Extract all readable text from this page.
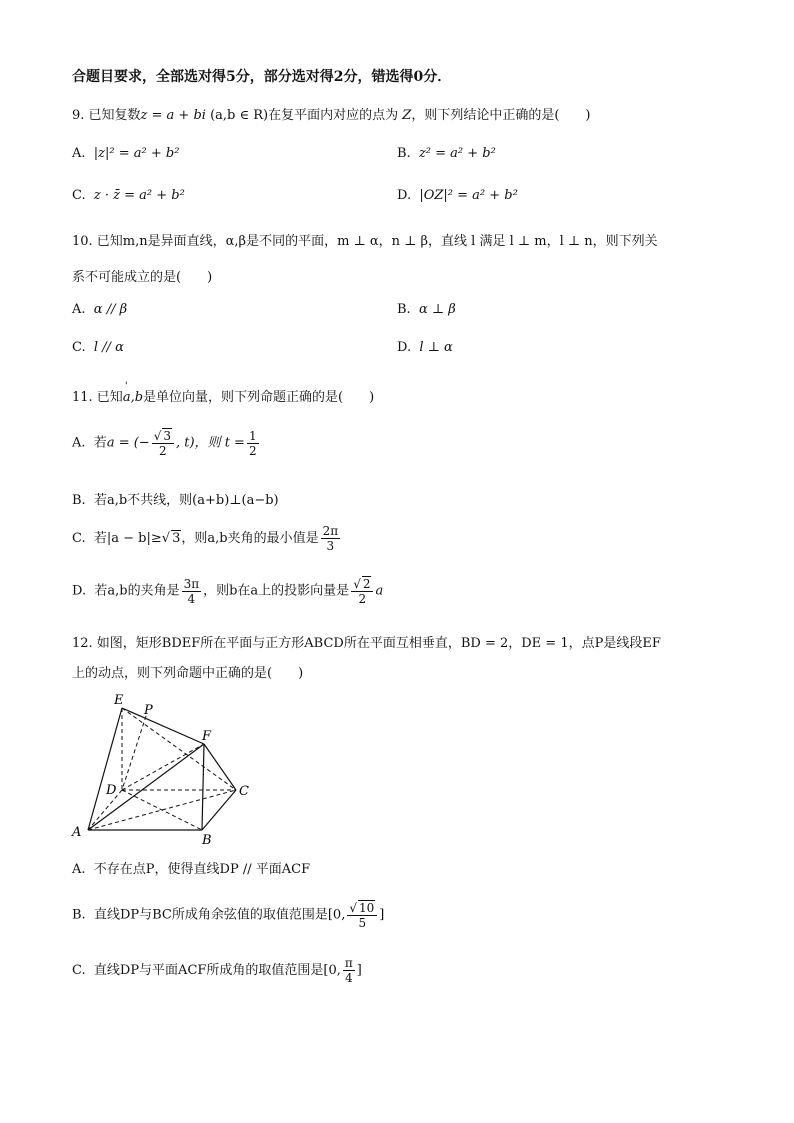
合题目要求，全部选对得5分，部分选对得2分，错选得0分．
9. 已知复数z = a + bi (a,b ∈ R)在复平面内对应的点为 Z，则下列结论中正确的是(　　)
A. |z|² = a² + b²	B. z² = a² + b²
C. z · z̄ = a² + b²	D. |OZ|² = a² + b²
10. 已知m,n是异面直线，α,β是不同的平面，m ⊥ α，n ⊥ β，直线 l 满足 l ⊥ m，l ⊥ n，则下列关
系不可能成立的是(　　)
A. α // β	B. α ⊥ β
C. l // α	D. l ⊥ α
11. 已知' a,b是单位向量，则下列命题正确的是(　　)
A. 若a = (− $\frac{√ 3}{2}$ , t)，则 $t = \frac{1}{2}$
B. 若a,b不共线，则(a+b)⊥(a−b)
C. 若|a − b|≥√ 3，则a,b夹角的最小值是 $\frac{2\pi}{3}$
D. 若a,b的夹角是 $\frac{3\pi}{4}$ ，则b在a上的投影向量是 $\frac{√ 2}{2}$ a
12. 如图，矩形BDEF所在平面与正方形ABCD所在平面互相垂直，BD = 2，DE = 1，点P是线段EF
上的动点，则下列命题中正确的是(　　)
E
P
F
D	C
A
B
A. 不存在点P，使得直线DP // 平面ACF
B. 直线DP与BC所成角余弦值的取值范围是[0, $\frac{√ 10}{5}$ ]
C. 直线DP与平面ACF所成角的取值范围是[0, $\frac{\pi}{4}$ ]
